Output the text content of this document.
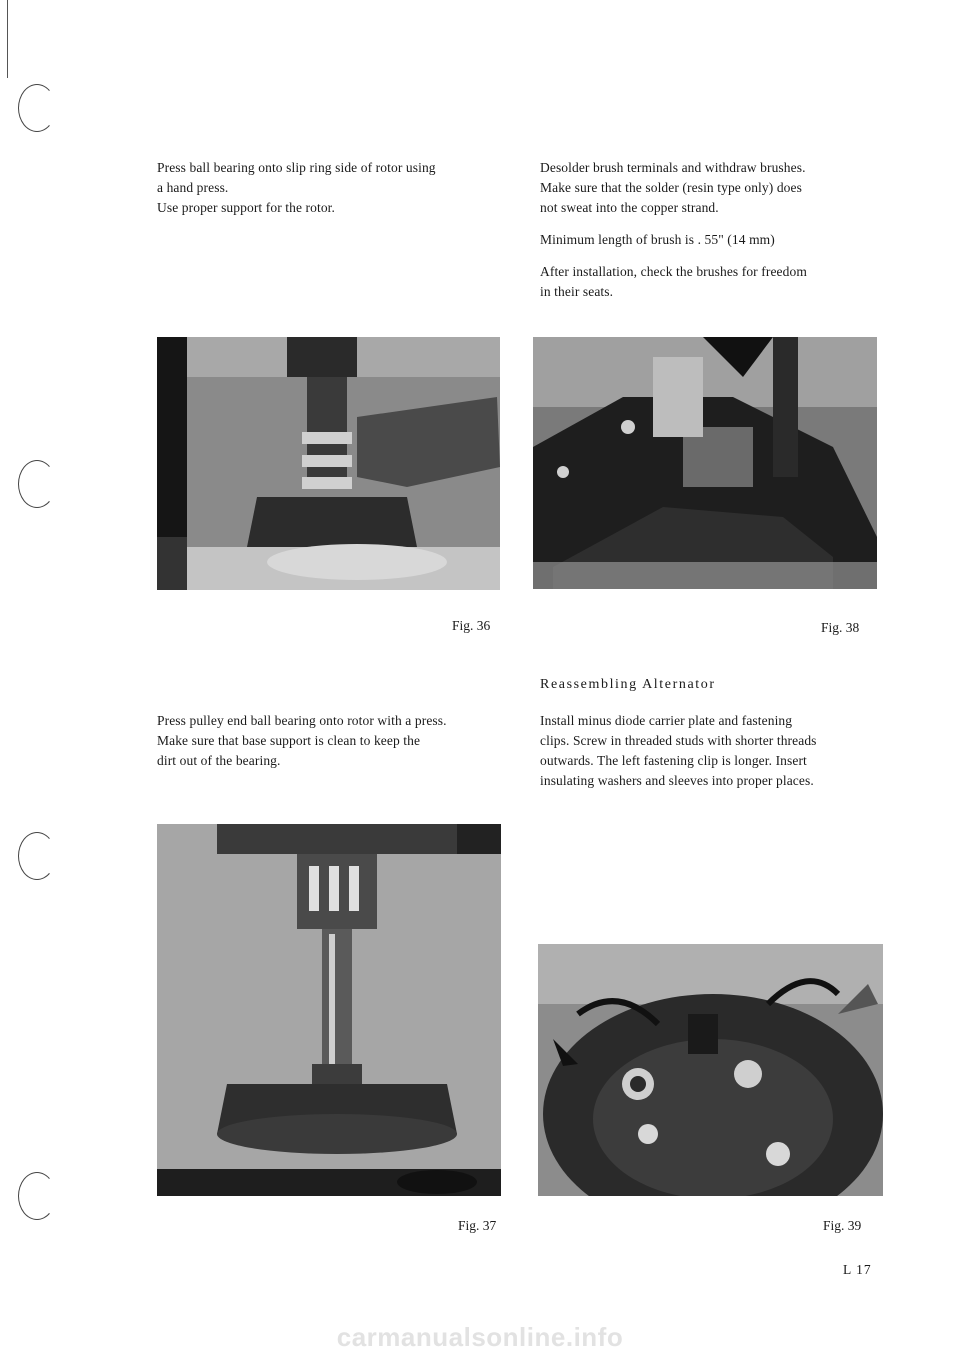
Press ball bearing onto slip ring side of rotor using
a hand press.
Use proper support for the rotor.

Fig. 36

Press pulley end ball bearing onto rotor with a press.
Make sure that base support is clean to keep the
dirt out of the bearing.

Fig. 37

Desolder brush terminals and withdraw brushes.
Make sure that the solder (resin type only) does
not sweat into the copper strand.

Minimum length of brush is . 55" (14 mm)

After installation, check the brushes for freedom
in their seats.

Fig. 38
Reassembling Alternator

Install minus diode carrier plate and fastening
clips. Screw in threaded studs with shorter threads
outwards. The left fastening clip is longer. Insert
insulating washers and sleeves into proper places.

Fig. 39
L 17
carmanualsonline.info
